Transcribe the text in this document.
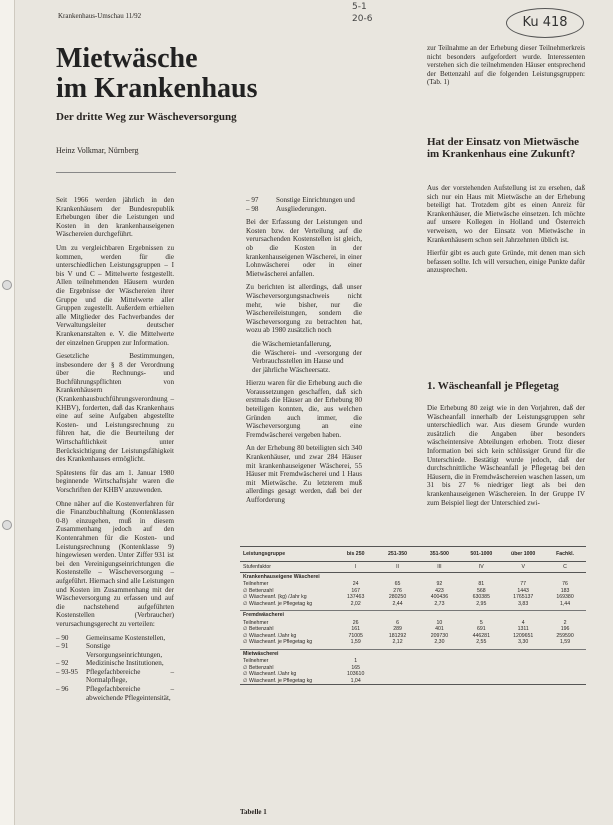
Krankenhaus-Umschau 11/92
5-1
20-6	Ku 418
Mietwäsche
im Krankenhaus
Der dritte Weg zur Wäscheversorgung
Heinz Volkmar, Nürnberg

Seit 1966 werden jährlich in den Krankenhäusern der Bundesrepublik Erhebungen über die Leistungen und Kosten in den krankenhauseigenen Wäschereien durchgeführt.

Um zu vergleichbaren Ergebnissen zu kommen, werden für die unterschiedlichen Leistungsgruppen – I bis V und C – Mittelwerte festgestellt. Allen teilnehmenden Häusern wurden die Ergebnisse der Wäschereien ihrer Gruppe und die Mittelwerte aller Gruppen zugestellt. Außerdem erhielten alle Mitglieder des Fachverbandes der Verwaltungsleiter deutscher Krankenanstalten e. V. die Mittelwerte der einzelnen Gruppen zur Information.

Gesetzliche Bestimmungen, insbesondere der § 8 der Verordnung über die Rechnungs- und Buchführungspflichten von Krankenhäusern (Krankenhausbuchführungsverordnung – KHBV), forderten, daß das Krankenhaus eine auf seine Aufgaben abgestellte Kosten- und Leistungsrechnung zu führen hat, die die Beurteilung der Wirtschaftlichkeit unter Berücksichtigung der Leistungsfähigkeit des Krankenhauses ermöglicht.

Spätestens für das am 1. Januar 1980 beginnende Wirtschaftsjahr waren die Vorschriften der KHBV anzuwenden.

Ohne näher auf die Kostenverfahren für die Finanzbuchhaltung (Kontenklassen 0-8) einzugehen, muß in diesem Zusammenhang jedoch auf den Kontenrahmen für die Kosten- und Leistungsrechnung (Kontenklasse 9) hingewiesen werden. Unter Ziffer 931 ist bei den Vereinigungseinrichtungen die Kostenstelle – Wäscheversorgung – aufgeführt. Hiernach sind alle Leistungen und Kosten im Zusammenhang mit der Wäscheversorgung zu erfassen und auf die nachstehend aufgeführten Kostenstellen (Verbraucher) verursachungsgerecht zu verteilen:

– 90	Gemeinsame Kostenstellen,
– 91	Sonstige Versorgungseinrichtungen,
– 92	Medizinische Institutionen,
– 93-95	Pflegefachbereiche – Normalpflege,
– 96	Pflegefachbereiche – abweichende Pflegeintensität,
– 97	Sonstige Einrichtungen und
– 98	Ausgliederungen.

Bei der Erfassung der Leistungen und Kosten bzw. der Verteilung auf die verursachenden Kostenstellen ist gleich, ob die Kosten in der krankenhauseigenen Wäscherei, in einer Lohnwäscherei oder in einer Mietwäscherei anfallen.

Zu berichten ist allerdings, daß unser Wäscheversorgungsnachweis nicht mehr, wie bisher, nur die Wäschereileistungen, sondern die Wäscheversorgung zu betrachten hat, wozu ab 1980 zusätzlich noch

die Wäschemietanfallerung,
die Wäscherei- und -versorgung der Verbrauchsstellen im Hause und
der jährliche Wäscheersatz.

Hierzu waren für die Erhebung auch die Voraussetzungen geschaffen, daß sich erstmals die Häuser an der Erhebung 80 beteiligen konnten, die, aus welchen Gründen auch immer, die Wäscheversorgung an eine Fremdwäscherei vergeben haben.

An der Erhebung 80 beteiligten sich 340 Krankenhäuser, und zwar 284 Häuser mit krankenhauseigener Wäscherei, 55 Häuser mit Fremdwäscherei und 1 Haus mit Mietwäsche. Zu letzterem muß allerdings gesagt werden, daß bei der Aufforderung

zur Teilnahme an der Erhebung dieser Teilnehmerkreis nicht besonders aufgefordert wurde. Interessenten verstehen sich die teilnehmenden Häuser entsprechend der Bettenzahl auf die folgenden Leistungsgruppen: (Tab. 1)

Hat der Einsatz von Mietwäsche im Krankenhaus eine Zukunft?

Aus der vorstehenden Aufstellung ist zu ersehen, daß sich nur ein Haus mit Mietwäsche an der Erhebung beteiligt hat. Trotzdem gibt es einen Anreiz für Krankenhäuser, die Mietwäsche einsetzen. Ich möchte auf unsere Kollegen in Holland und Österreich verweisen, wo der Einsatz von Mietwäsche in Krankenhäusern schon seit Jahrzehnten üblich ist.

Hierfür gibt es auch gute Gründe, mit denen man sich befassen sollte. Ich will versuchen, einige Punkte dafür anzusprechen.

1. Wäscheanfall je Pflegetag

Die Erhebung 80 zeigt wie in den Vorjahren, daß der Wäscheanfall innerhalb der Leistungsgruppen sehr unterschiedlich war. Aus diesem Grunde wurden zusätzlich die Angaben über besonders wäscheintensive Abteilungen erhoben. Trotz dieser Information bei sich kein schlüssiger Grund für die Unterschiede. Bestätigt wurde jedoch, daß der durchschnittliche Wäscheanfall je Pflegetag bei den Häusern, die in Fremdwäschereien waschen lassen, um 31 bis 27 % niedriger liegt als bei den krankenhauseigenen Wäschereien. In der Gruppe IV zum Beispiel liegt der Unterschied zwi-

Leistungsgruppe	bis 250	251-350	351-500	501-1000	über 1000	Fachkl.
Stufenfaktor	I	II	III	IV	V	C
Krankenhauseigene Wäscherei
Teilnehmer	24	65	92	81	77	76
∅ Bettenzahl	167	276	423	568	1443	183
∅ Wäscheanf. (kg) /Jahr kg	137463	280250	400436	630385	1765137	169380
∅ Wäscheanf. je Pflegetag kg	2,02	2,44	2,73	2,95	3,83	1,44
Fremdwäscherei
Teilnehmer	26	6	10	5	4	2
∅ Bettenzahl	161	289	401	691	1311	196
∅ Wäscheanf. /Jahr kg	71005	181292	209730	446281	1209651	259590
∅ Wäscheanf. je Pflegetag kg	1,59	2,12	2,30	2,55	3,30	1,59
Mietwäscherei
Teilnehmer	1
∅ Bettenzahl	165
∅ Wäscheanf. /Jahr kg	103610
∅ Wäscheanf. je Pflegetag kg	1,04
Tabelle 1
